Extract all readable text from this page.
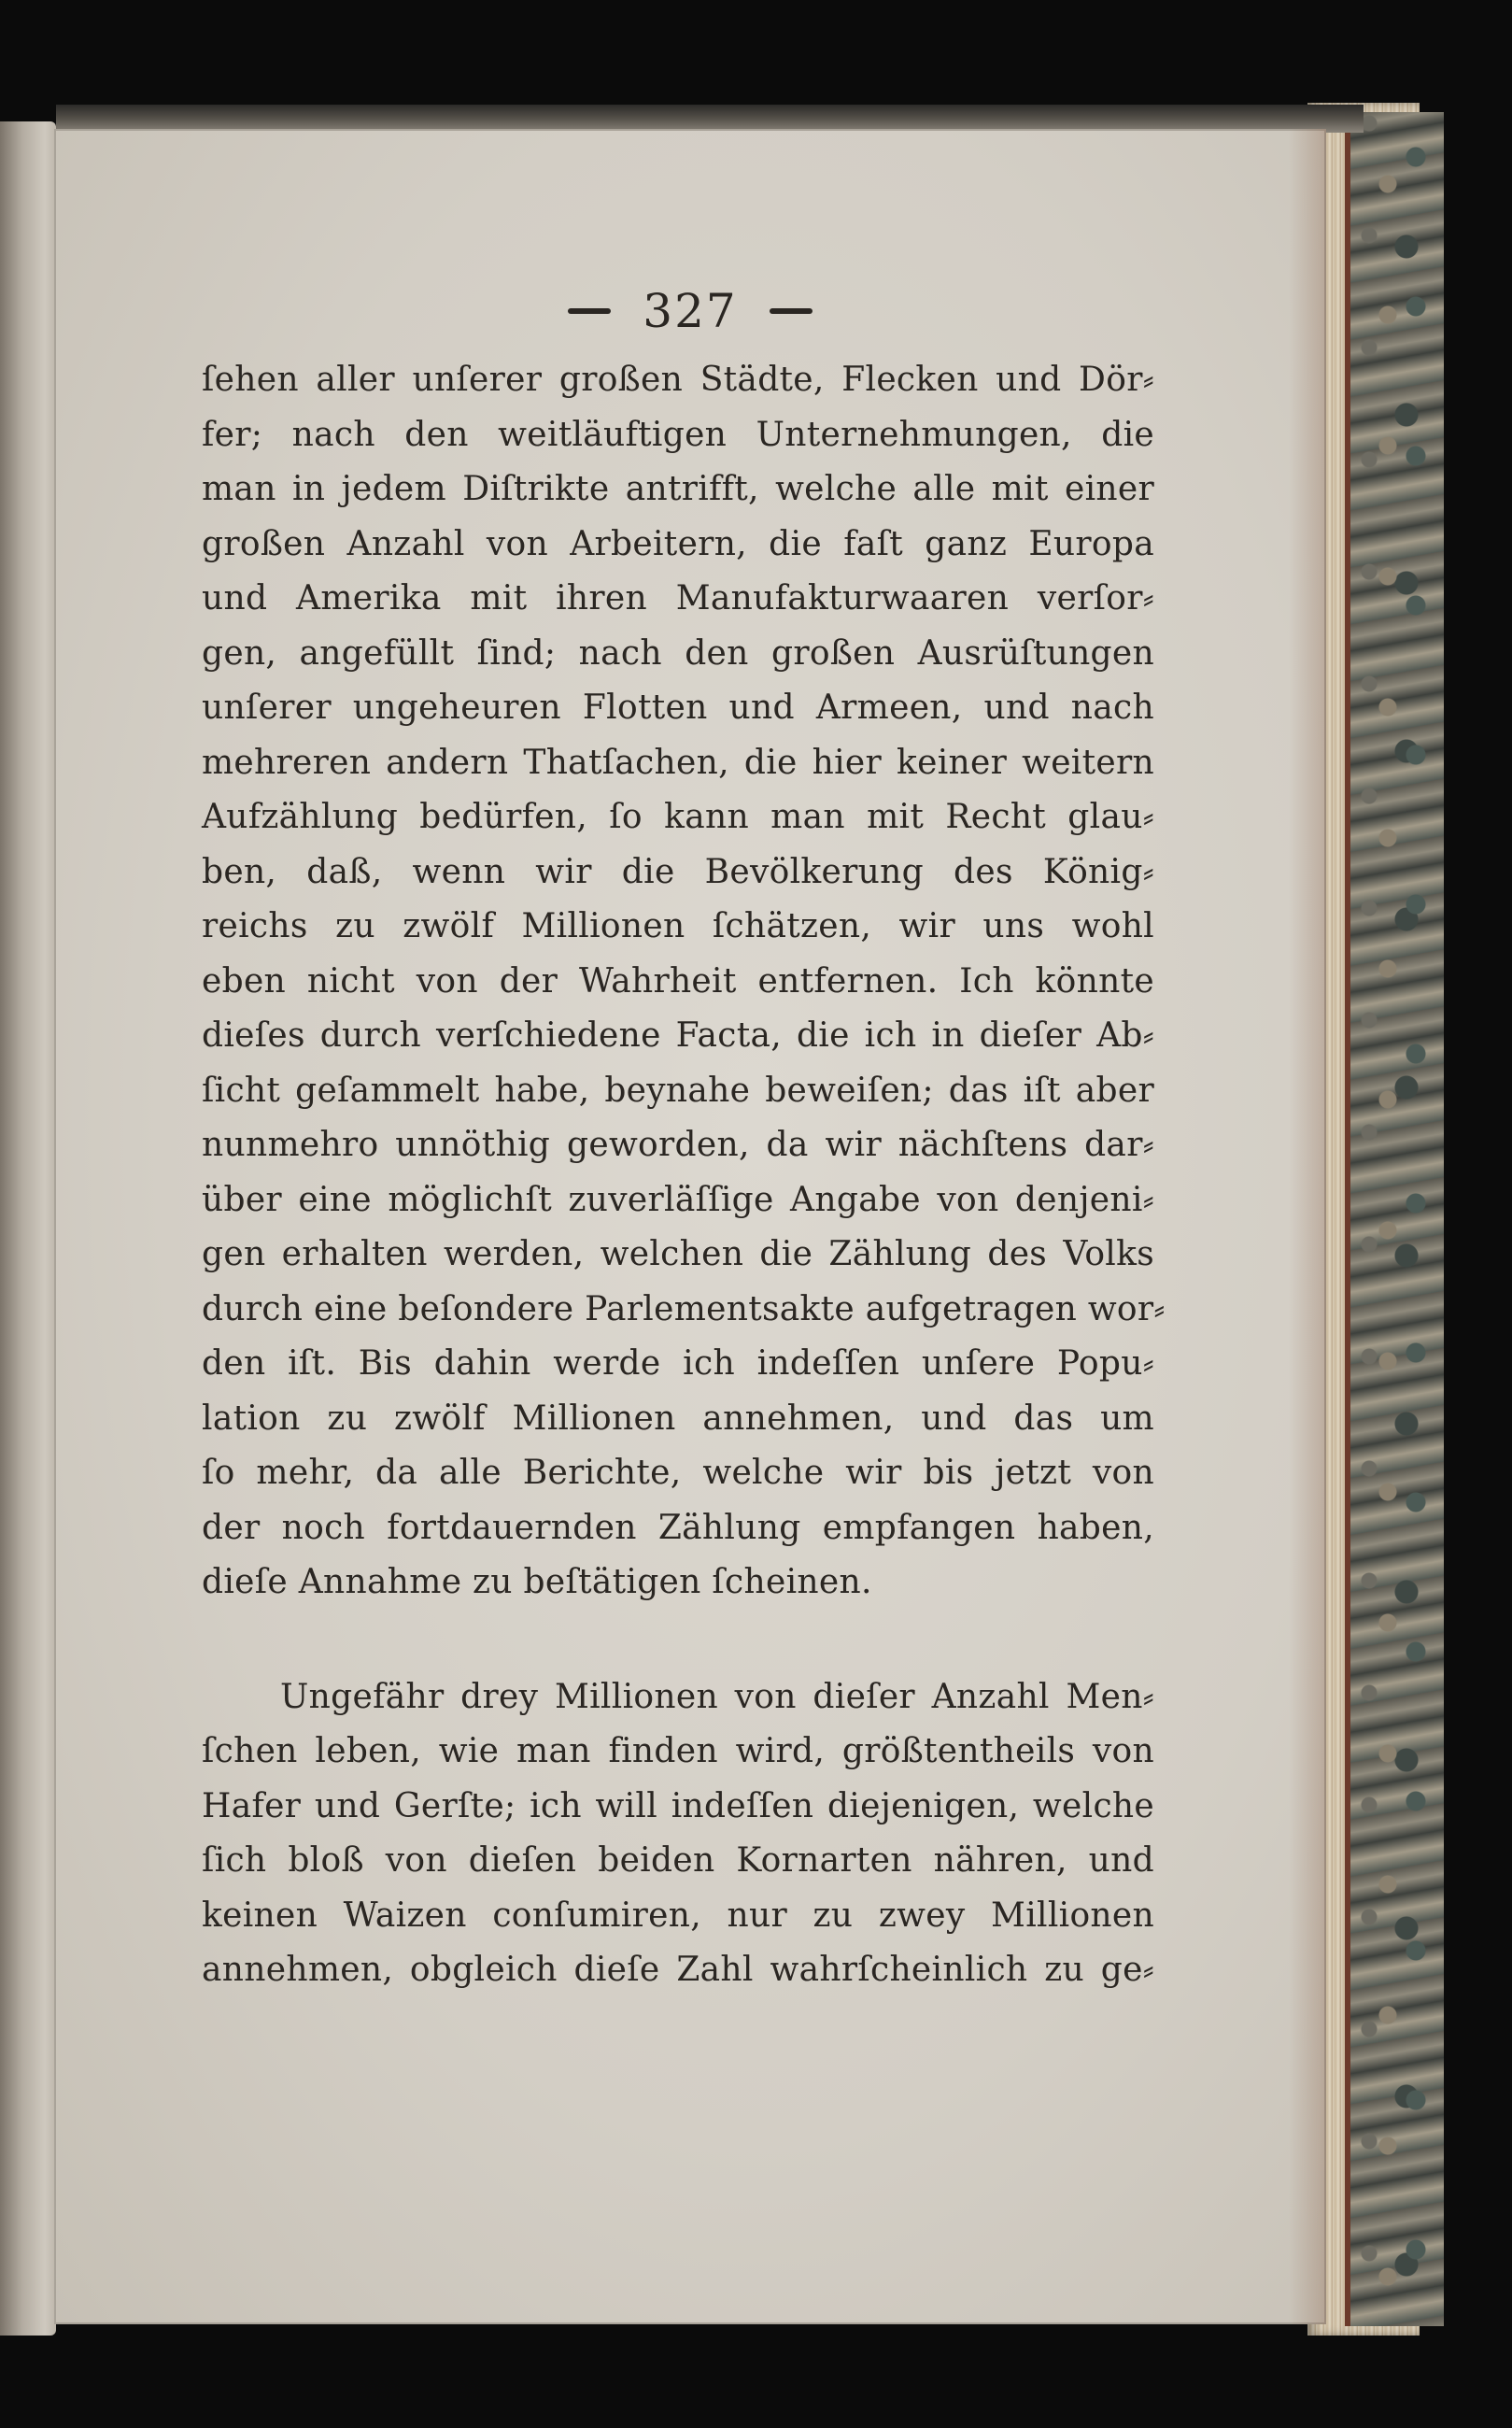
327
ſehen aller unſerer großen Städte, Flecken und Dör⸗
fer; nach den weitläuftigen Unternehmungen, die
man in jedem Diſtrikte antrifft, welche alle mit einer
großen Anzahl von Arbeitern, die faſt ganz Europa
und Amerika mit ihren Manufakturwaaren verſor⸗
gen, angefüllt ſind; nach den großen Ausrüſtungen
unſerer ungeheuren Flotten und Armeen, und nach
mehreren andern Thatſachen, die hier keiner weitern
Aufzählung bedürfen, ſo kann man mit Recht glau⸗
ben, daß, wenn wir die Bevölkerung des König⸗
reichs zu zwölf Millionen ſchätzen, wir uns wohl
eben nicht von der Wahrheit entfernen. Ich könnte
dieſes durch verſchiedene Facta, die ich in dieſer Ab⸗
ſicht geſammelt habe, beynahe beweiſen; das iſt aber
nunmehro unnöthig geworden, da wir nächſtens dar⸗
über eine möglichſt zuverläſſige Angabe von denjeni⸗
gen erhalten werden, welchen die Zählung des Volks
durch eine beſondere Parlementsakte aufgetragen wor⸗
den iſt. Bis dahin werde ich indeſſen unſere Popu⸗
lation zu zwölf Millionen annehmen, und das um
ſo mehr, da alle Berichte, welche wir bis jetzt von
der noch fortdauernden Zählung empfangen haben,
dieſe Annahme zu beſtätigen ſcheinen.
Ungefähr drey Millionen von dieſer Anzahl Men⸗
ſchen leben, wie man finden wird, größtentheils von
Hafer und Gerſte; ich will indeſſen diejenigen, welche
ſich bloß von dieſen beiden Kornarten nähren, und
keinen Waizen conſumiren, nur zu zwey Millionen
annehmen, obgleich dieſe Zahl wahrſcheinlich zu ge⸗
